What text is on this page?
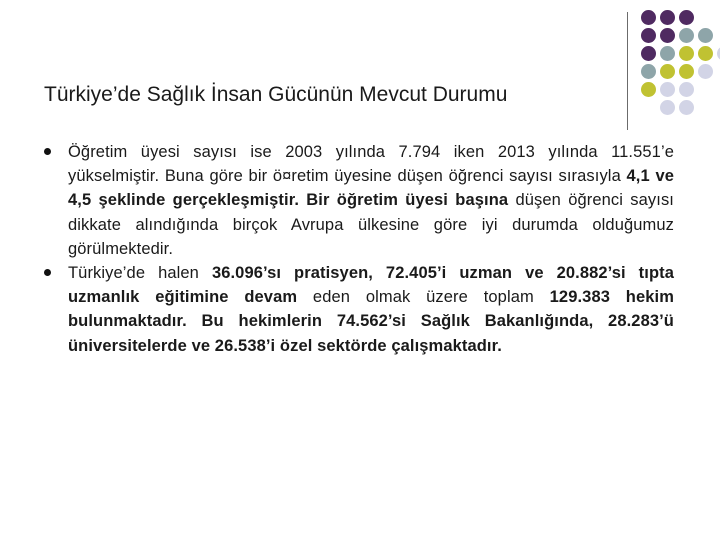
Türkiye’de Sağlık İnsan Gücünün Mevcut Durumu
Öğretim üyesi sayısı ise 2003 yılında 7.794 iken 2013 yılında 11.551’e yükselmiştir. Buna göre bir ö¤retim üyesine düşen öğrenci sayısı sırasıyla 4,1 ve 4,5 şeklinde gerçekleşmiştir. Bir öğretim üyesi başına düşen öğrenci sayısı dikkate alındığında birçok Avrupa ülkesine göre iyi durumda olduğumuz görülmektedir.
Türkiye’de halen 36.096’sı pratisyen, 72.405’i uzman ve 20.882’si tıpta uzmanlık eğitimine devam eden olmak üzere toplam 129.383 hekim bulunmaktadır. Bu hekimlerin 74.562’si Sağlık Bakanlığında, 28.283’ü üniversitelerde ve 26.538’i özel sektörde çalışmaktadır.
